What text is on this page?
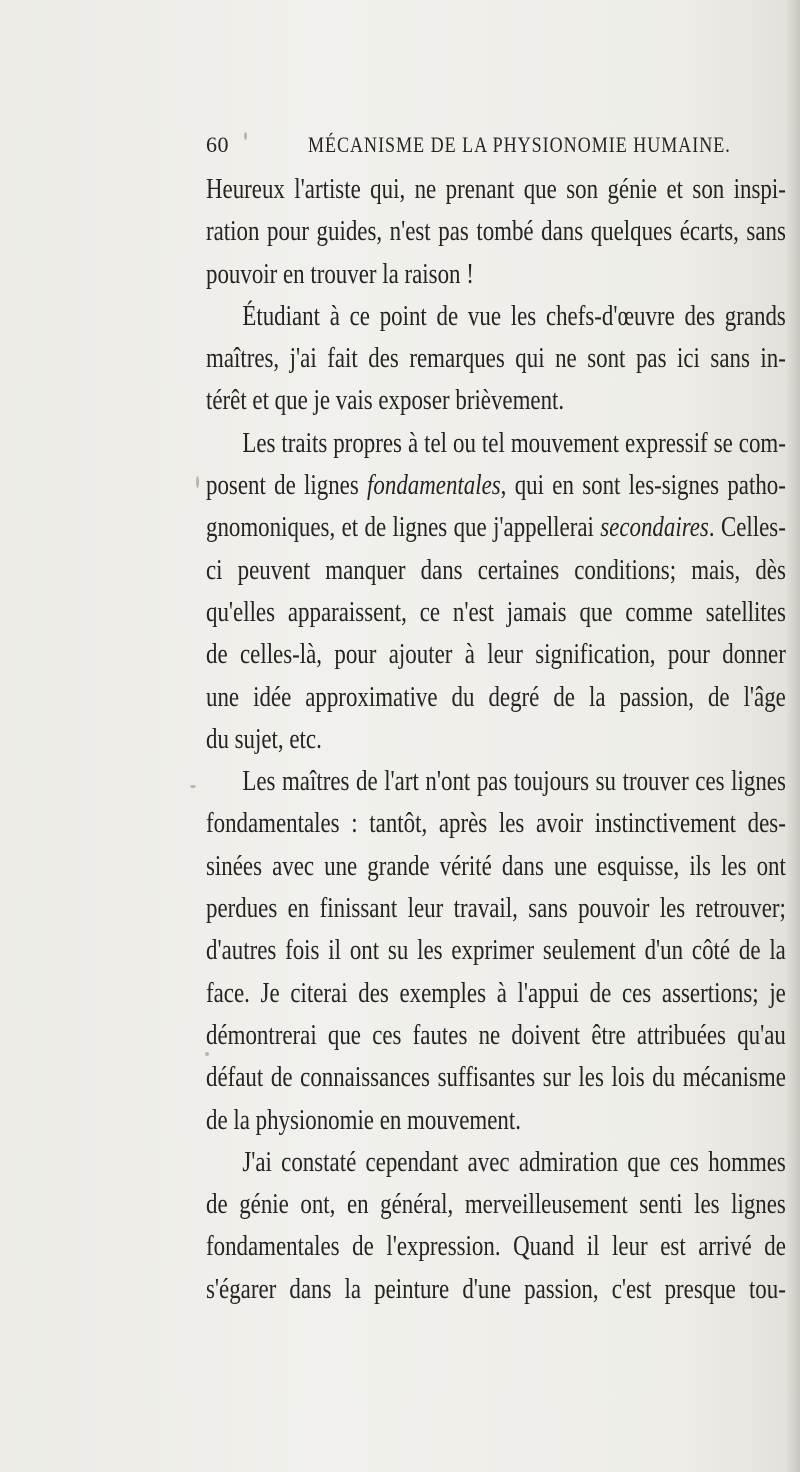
60	MÉCANISME DE LA PHYSIONOMIE HUMAINE.
Heureux l'artiste qui, ne prenant que son génie et son inspi-
ration pour guides, n'est pas tombé dans quelques écarts, sans
pouvoir en trouver la raison !
Étudiant à ce point de vue les chefs-d'œuvre des grands
maîtres, j'ai fait des remarques qui ne sont pas ici sans in-
térêt et que je vais exposer brièvement.
Les traits propres à tel ou tel mouvement expressif se com-
posent de lignes fondamentales, qui en sont les-signes patho-
gnomoniques, et de lignes que j'appellerai secondaires. Celles-
ci peuvent manquer dans certaines conditions; mais, dès
qu'elles apparaissent, ce n'est jamais que comme satellites
de celles-là, pour ajouter à leur signification, pour donner
une idée approximative du degré de la passion, de l'âge
du sujet, etc.
Les maîtres de l'art n'ont pas toujours su trouver ces lignes
fondamentales : tantôt, après les avoir instinctivement des-
sinées avec une grande vérité dans une esquisse, ils les ont
perdues en finissant leur travail, sans pouvoir les retrouver;
d'autres fois il ont su les exprimer seulement d'un côté de la
face. Je citerai des exemples à l'appui de ces assertions; je
démontrerai que ces fautes ne doivent être attribuées qu'au
défaut de connaissances suffisantes sur les lois du mécanisme
de la physionomie en mouvement.
J'ai constaté cependant avec admiration que ces hommes
de génie ont, en général, merveilleusement senti les lignes
fondamentales de l'expression. Quand il leur est arrivé de
s'égarer dans la peinture d'une passion, c'est presque tou-
